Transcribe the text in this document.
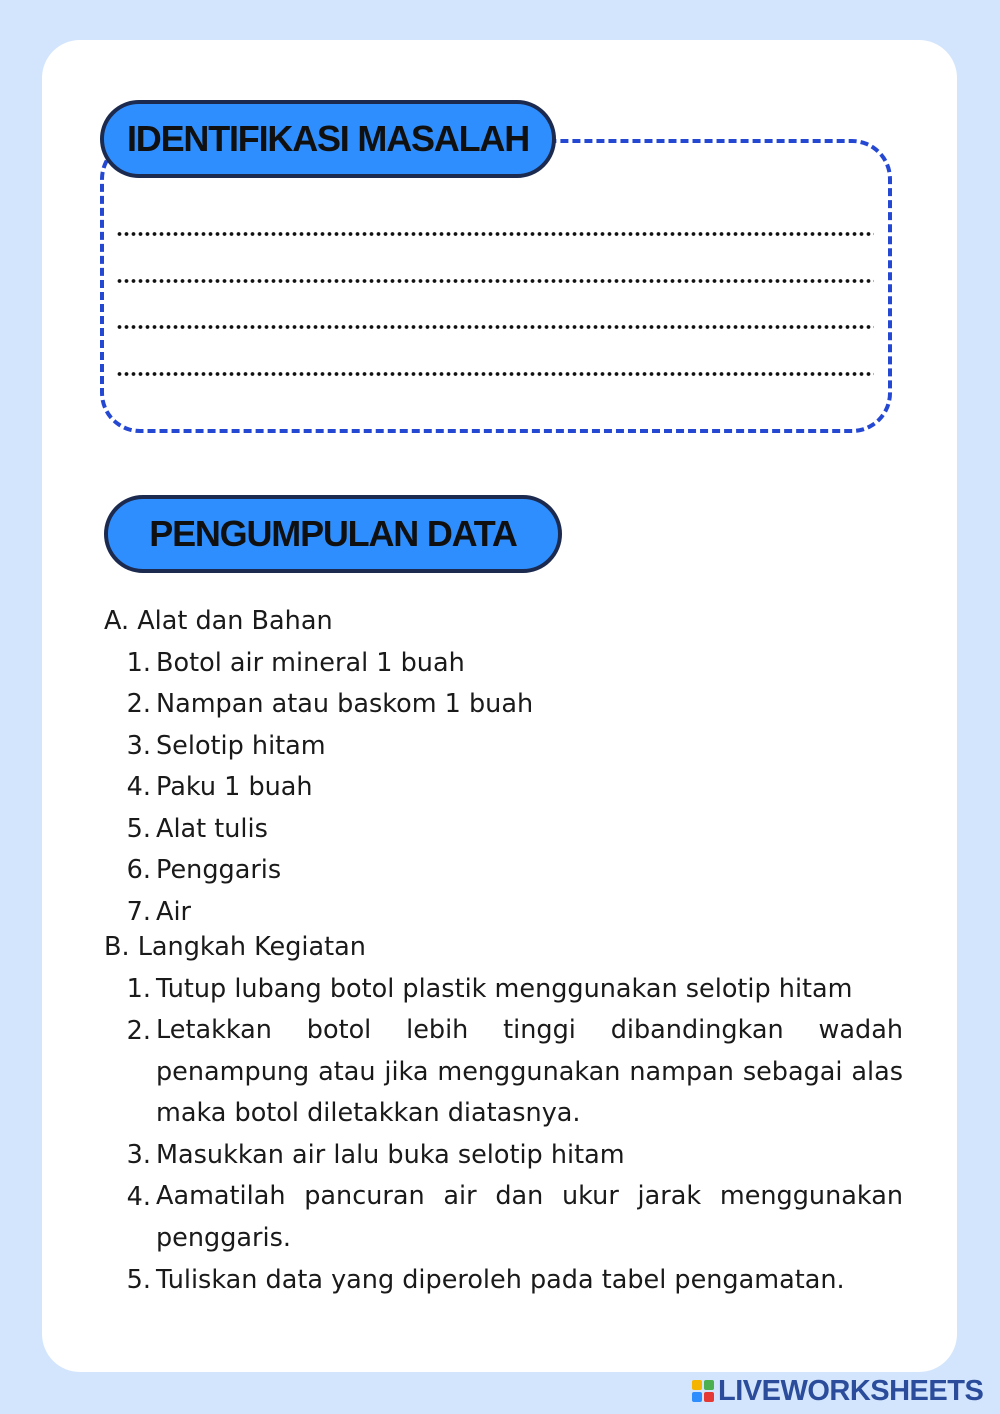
IDENTIFIKASI MASALAH
PENGUMPULAN DATA
A. Alat dan Bahan
1. Botol air mineral 1 buah
2. Nampan atau baskom 1 buah
3. Selotip hitam
4. Paku 1 buah
5. Alat tulis
6. Penggaris
7. Air
B. Langkah Kegiatan
1. Tutup lubang botol plastik menggunakan selotip hitam
2. Letakkan botol lebih tinggi dibandingkan wadah penampung atau jika menggunakan nampan sebagai alas maka botol diletakkan diatasnya.
3. Masukkan air lalu buka selotip hitam
4. Aamatilah pancuran air dan ukur jarak menggunakan penggaris.
5. Tuliskan data yang diperoleh pada tabel pengamatan.
LIVEWORKSHEETS
